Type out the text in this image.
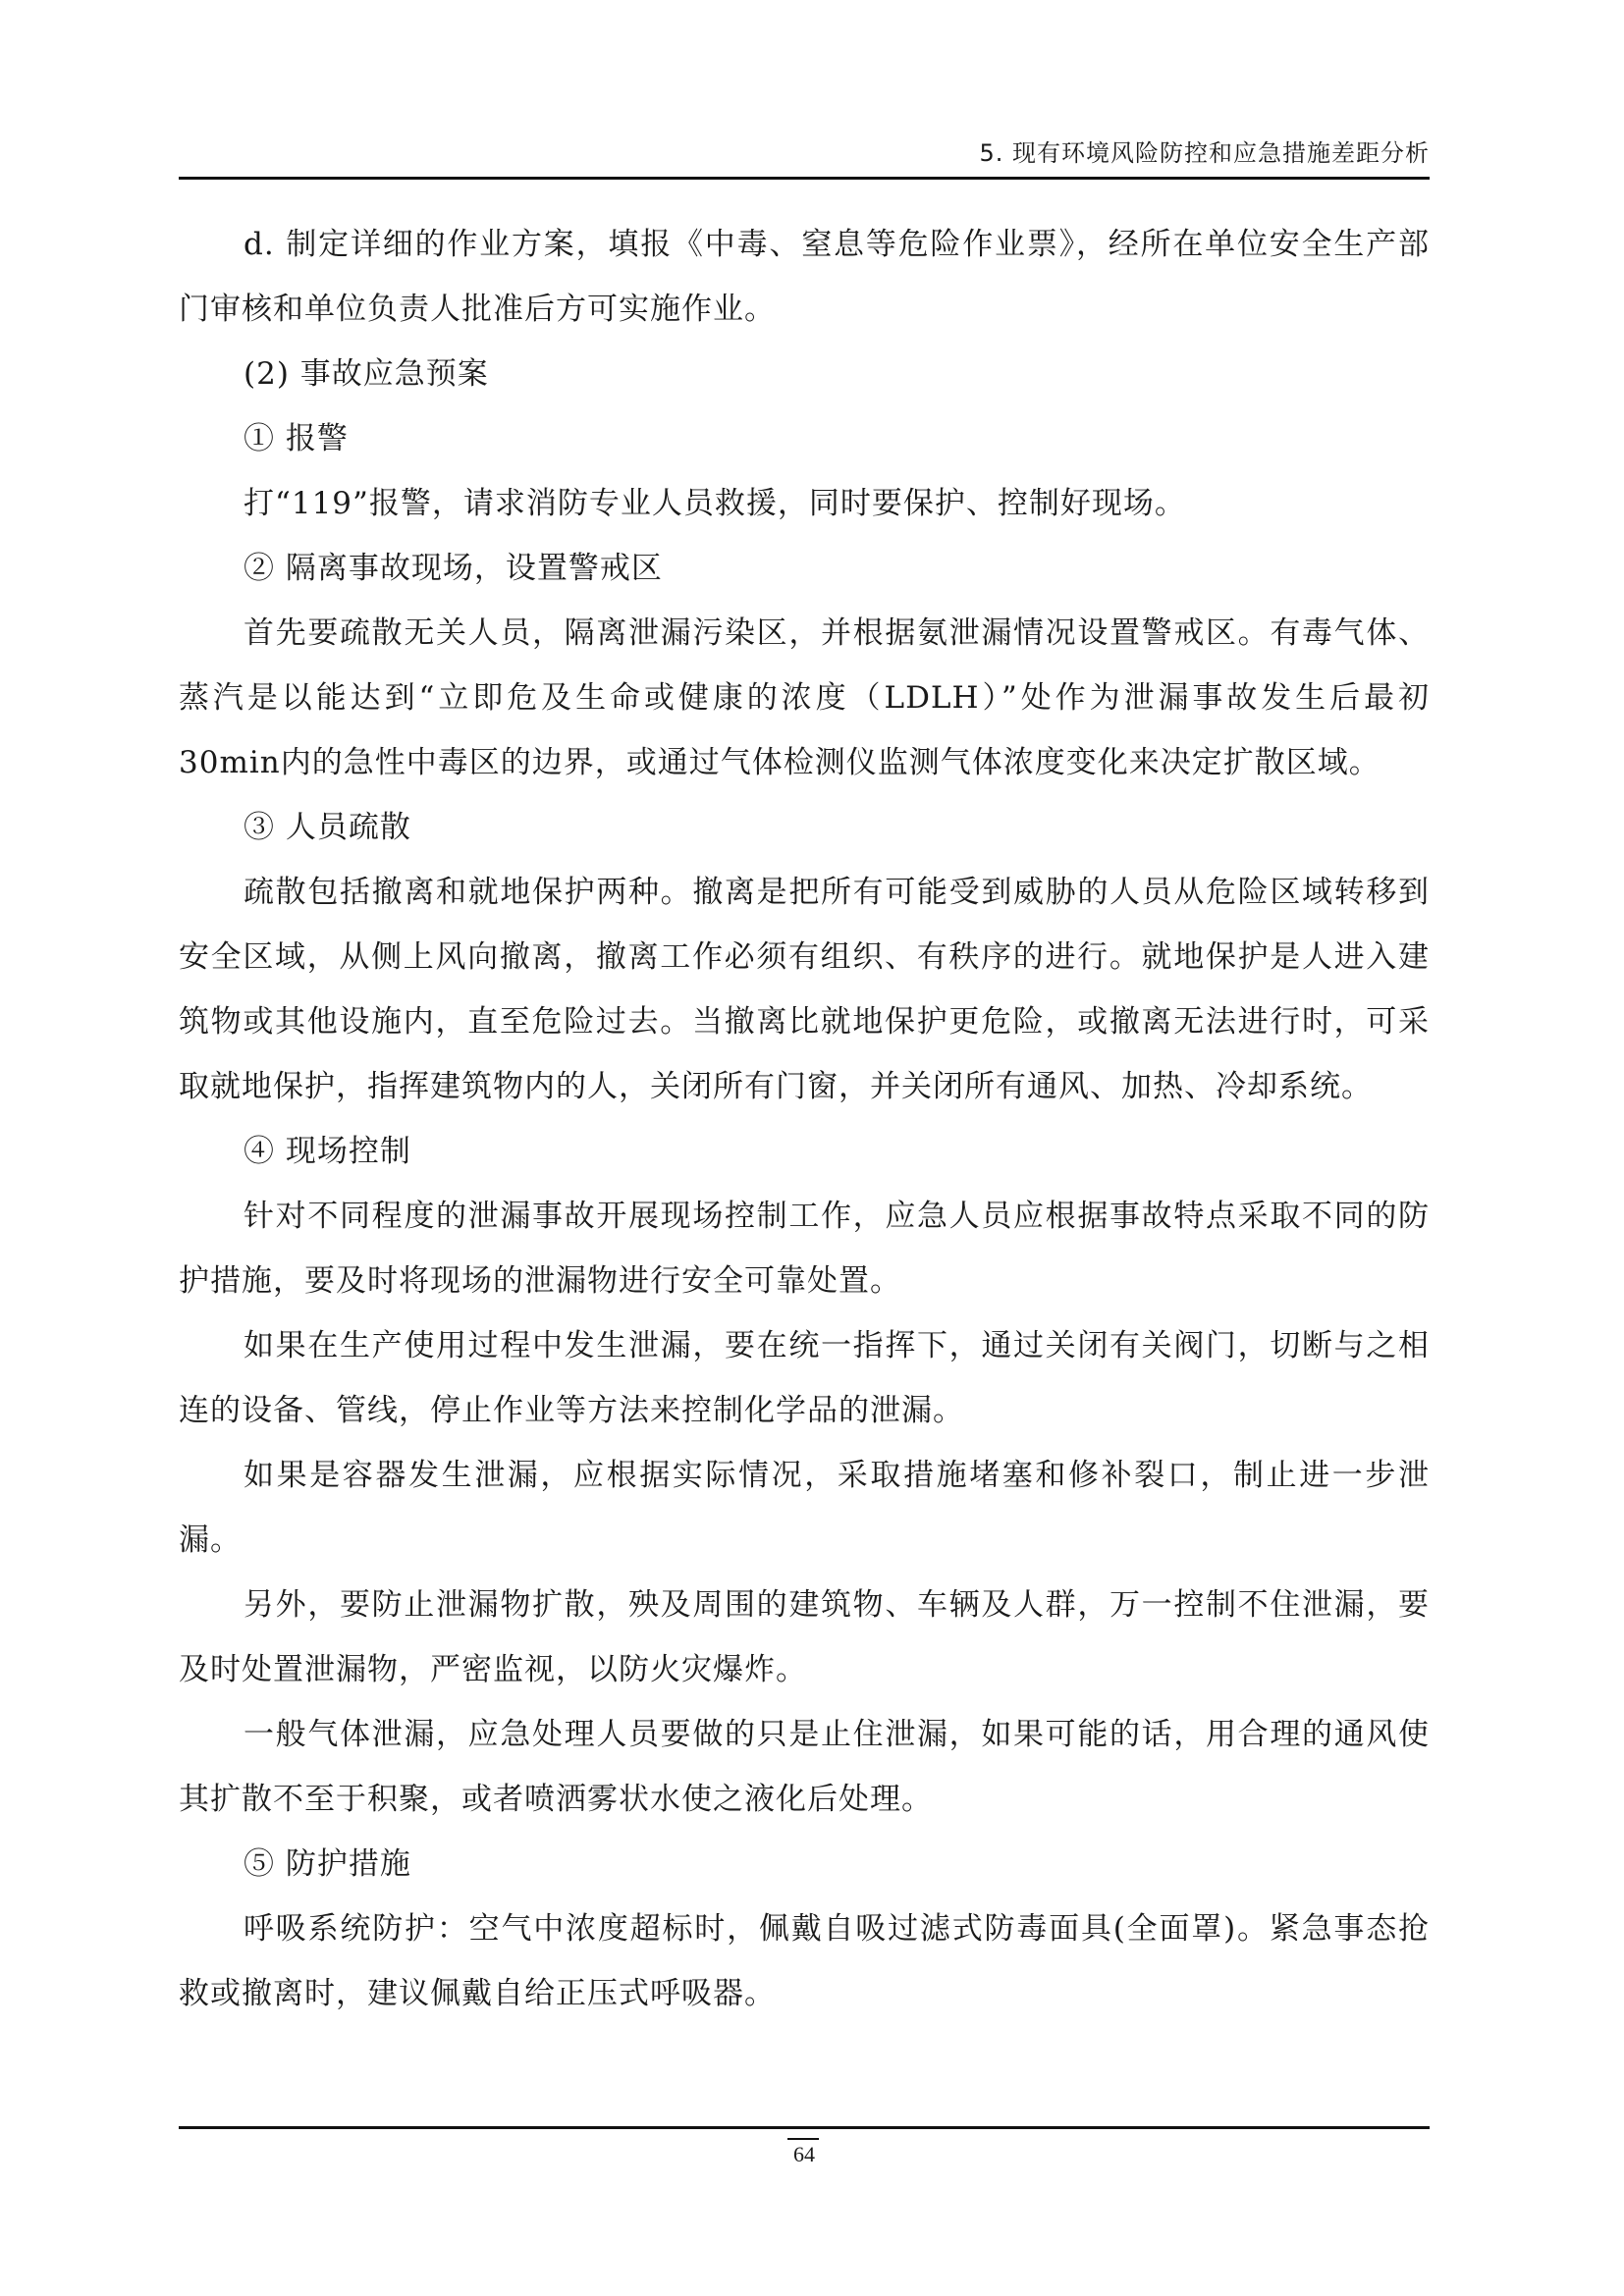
5. 现有环境风险防控和应急措施差距分析

d. 制定详细的作业方案，填报《中毒、窒息等危险作业票》，经所在单位安全生产部门审核和单位负责人批准后方可实施作业。

(2) 事故应急预案

① 报警

打“119”报警，请求消防专业人员救援，同时要保护、控制好现场。

② 隔离事故现场，设置警戒区

首先要疏散无关人员，隔离泄漏污染区，并根据氨泄漏情况设置警戒区。有毒气体、蒸汽是以能达到“立即危及生命或健康的浓度（LDLH）”处作为泄漏事故发生后最初30min内的急性中毒区的边界，或通过气体检测仪监测气体浓度变化来决定扩散区域。

③ 人员疏散

疏散包括撤离和就地保护两种。撤离是把所有可能受到威胁的人员从危险区域转移到安全区域，从侧上风向撤离，撤离工作必须有组织、有秩序的进行。就地保护是人进入建筑物或其他设施内，直至危险过去。当撤离比就地保护更危险，或撤离无法进行时，可采取就地保护，指挥建筑物内的人，关闭所有门窗，并关闭所有通风、加热、冷却系统。

④ 现场控制

针对不同程度的泄漏事故开展现场控制工作，应急人员应根据事故特点采取不同的防护措施，要及时将现场的泄漏物进行安全可靠处置。

如果在生产使用过程中发生泄漏，要在统一指挥下，通过关闭有关阀门，切断与之相连的设备、管线，停止作业等方法来控制化学品的泄漏。

如果是容器发生泄漏，应根据实际情况，采取措施堵塞和修补裂口，制止进一步泄漏。

另外，要防止泄漏物扩散，殃及周围的建筑物、车辆及人群，万一控制不住泄漏，要及时处置泄漏物，严密监视，以防火灾爆炸。

一般气体泄漏，应急处理人员要做的只是止住泄漏，如果可能的话，用合理的通风使其扩散不至于积聚，或者喷洒雾状水使之液化后处理。

⑤ 防护措施

呼吸系统防护：空气中浓度超标时，佩戴自吸过滤式防毒面具(全面罩)。紧急事态抢救或撤离时，建议佩戴自给正压式呼吸器。

64
